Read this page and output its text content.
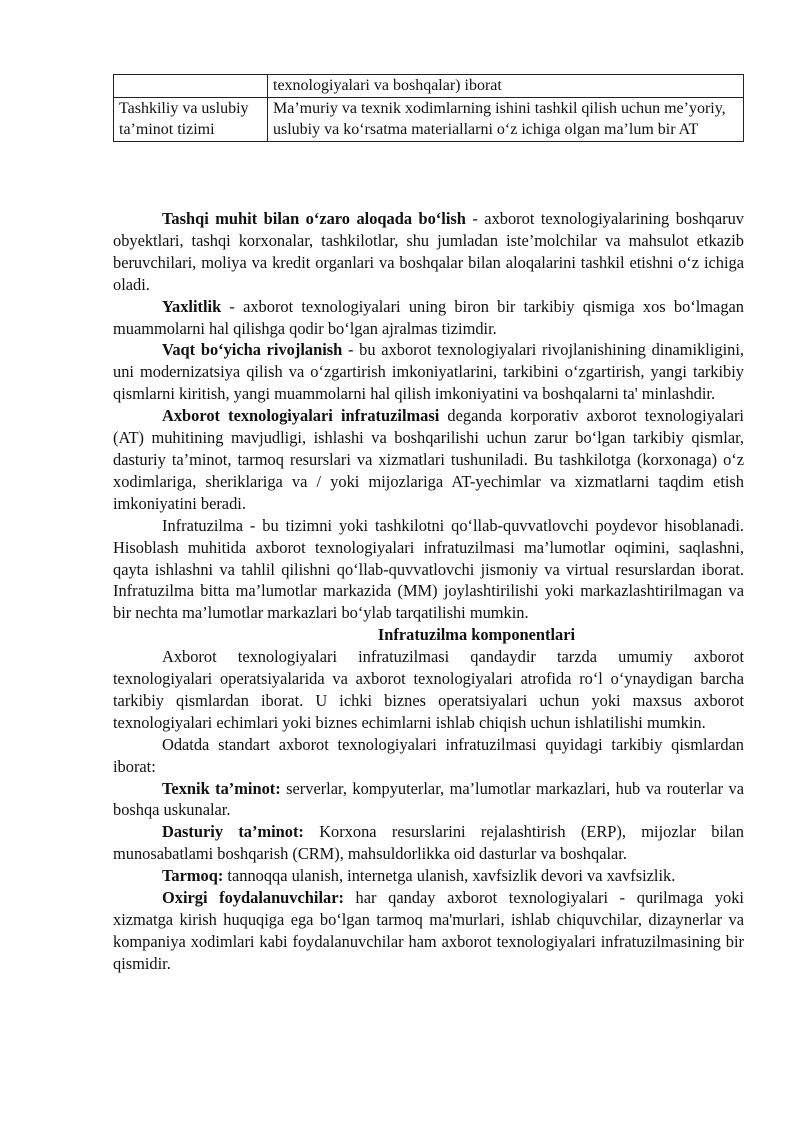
	texnologiyalari va boshqalar) iborat
Tashkiliy va uslubiy ta’minot tizimi	Ma’muriy va texnik xodimlarning ishini tashkil qilish uchun me’yoriy, uslubiy va ko‘rsatma materiallarni o‘z ichiga olgan ma’lum bir AT

Tashqi muhit bilan o‘zaro aloqada bo‘lish - axborot texnologiyalarining boshqaruv obyektlari, tashqi korxonalar, tashkilotlar, shu jumladan iste’molchilar va mahsulot etkazib beruvchilari, moliya va kredit organlari va boshqalar bilan aloqalarini tashkil etishni o‘z ichiga oladi.

Yaxlitlik - axborot texnologiyalari uning biron bir tarkibiy qismiga xos bo‘lmagan muammolarni hal qilishga qodir bo‘lgan ajralmas tizimdir.

Vaqt bo‘yicha rivojlanish - bu axborot texnologiyalari rivojlanishining dinamikligini, uni modernizatsiya qilish va o‘zgartirish imkoniyatlarini, tarkibini o‘zgartirish, yangi tarkibiy qismlarni kiritish, yangi muammolarni hal qilish imkoniyatini va boshqalarni ta' minlashdir.

Axborot texnologiyalari infratuzilmasi deganda korporativ axborot texnologiyalari (AT) muhitining mavjudligi, ishlashi va boshqarilishi uchun zarur bo‘lgan tarkibiy qismlar, dasturiy ta’minot, tarmoq resurslari va xizmatlari tushuniladi. Bu tashkilotga (korxonaga) o‘z xodimlariga, sheriklariga va / yoki mijozlariga AT-yechimlar va xizmatlarni taqdim etish imkoniyatini beradi.

Infratuzilma - bu tizimni yoki tashkilotni qo‘llab-quvvatlovchi poydevor hisoblanadi. Hisoblash muhitida axborot texnologiyalari infratuzilmasi ma’lumotlar oqimini, saqlashni, qayta ishlashni va tahlil qilishni qo‘llab-quvvatlovchi jismoniy va virtual resurslardan iborat. Infratuzilma bitta ma’lumotlar markazida (MM) joylashtirilishi yoki markazlashtirilmagan va bir nechta ma’lumotlar markazlari bo‘ylab tarqatilishi mumkin.

Infratuzilma komponentlari

Axborot texnologiyalari infratuzilmasi qandaydir tarzda umumiy axborot texnologiyalari operatsiyalarida va axborot texnologiyalari atrofida ro‘l o‘ynaydigan barcha tarkibiy qismlardan iborat. U ichki biznes operatsiyalari uchun yoki maxsus axborot texnologiyalari echimlari yoki biznes echimlarni ishlab chiqish uchun ishlatilishi mumkin.

Odatda standart axborot texnologiyalari infratuzilmasi quyidagi tarkibiy qismlardan iborat:

Texnik ta’minot: serverlar, kompyuterlar, ma’lumotlar markazlari, hub va routerlar va boshqa uskunalar.

Dasturiy ta’minot: Korxona resurslarini rejalashtirish (ERP), mijozlar bilan munosabatlami boshqarish (CRM), mahsuldorlikka oid dasturlar va boshqalar.

Tarmoq: tannoqqa ulanish, internetga ulanish, xavfsizlik devori va xavfsizlik.

Oxirgi foydalanuvchilar: har qanday axborot texnologiyalari - qurilmaga yoki xizmatga kirish huquqiga ega bo‘lgan tarmoq ma'murlari, ishlab chiquvchilar, dizaynerlar va kompaniya xodimlari kabi foydalanuvchilar ham axborot texnologiyalari infratuzilmasining bir qismidir.
